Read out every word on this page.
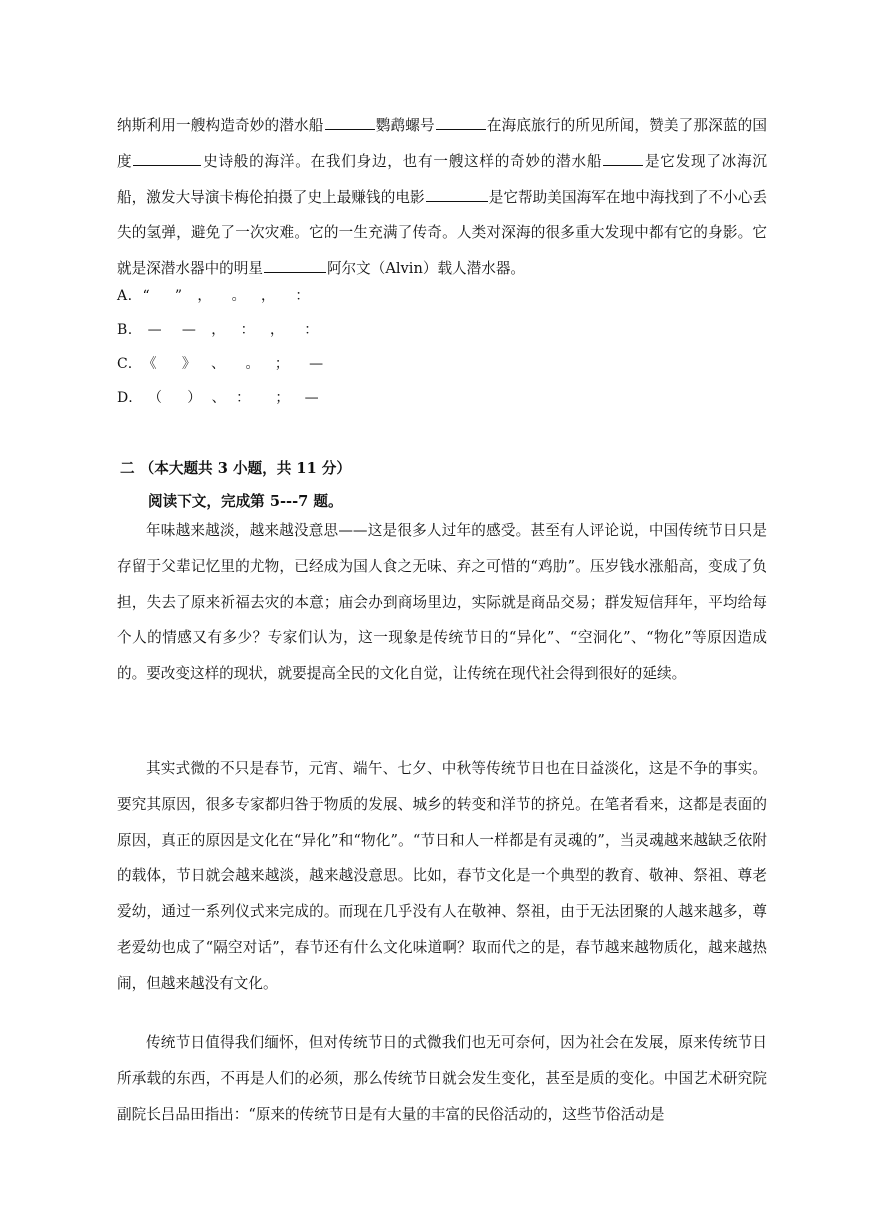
纳斯利用一艘构造奇妙的潜水船	鹦鹉螺号	在海底旅行的所见所闻，赞美了那深蓝的国度	史诗般的海洋。在我们身边，也有一艘这样的奇妙的潜水船	是它发现了冰海沉船，激发大导演卡梅伦拍摄了史上最赚钱的电影	是它帮助美国海军在地中海找到了不小心丢失的氢弹，避免了一次灾难。它的一生充满了传奇。人类对深海的很多重大发现中都有它的身影。它就是深潜水器中的明星	阿尔文（Alvin）载人潜水器。

A.  “     ”   ，    。   ，    ：
B.   —    —   ，   ：   ，    ：
C.  《     》   、    。   ；    —
D.   （     ）  、  ：     ；   —
二 （本大题共 3 小题，共 11 分）
阅读下文，完成第 5---7 题。

年味越来越淡，越来越没意思——这是很多人过年的感受。甚至有人评论说，中国传统节日只是存留于父辈记忆里的尤物，已经成为国人食之无味、弃之可惜的“鸡肋”。压岁钱水涨船高，变成了负担，失去了原来祈福去灾的本意；庙会办到商场里边，实际就是商品交易；群发短信拜年，平均给每个人的情感又有多少？专家们认为，这一现象是传统节日的“异化”、“空洞化”、“物化”等原因造成的。要改变这样的现状，就要提高全民的文化自觉，让传统在现代社会得到很好的延续。

其实式微的不只是春节，元宵、端午、七夕、中秋等传统节日也在日益淡化，这是不争的事实。要究其原因，很多专家都归咎于物质的发展、城乡的转变和洋节的挤兑。在笔者看来，这都是表面的原因，真正的原因是文化在“异化”和“物化”。“节日和人一样都是有灵魂的”，当灵魂越来越缺乏依附的载体，节日就会越来越淡，越来越没意思。比如，春节文化是一个典型的教育、敬神、祭祖、尊老爱幼，通过一系列仪式来完成的。而现在几乎没有人在敬神、祭祖，由于无法团聚的人越来越多，尊老爱幼也成了“隔空对话”，春节还有什么文化味道啊？取而代之的是，春节越来越物质化，越来越热闹，但越来越没有文化。

传统节日值得我们缅怀，但对传统节日的式微我们也无可奈何，因为社会在发展，原来传统节日所承载的东西，不再是人们的必须，那么传统节日就会发生变化，甚至是质的变化。中国艺术研究院副院长吕品田指出：“原来的传统节日是有大量的丰富的民俗活动的，这些节俗活动是
